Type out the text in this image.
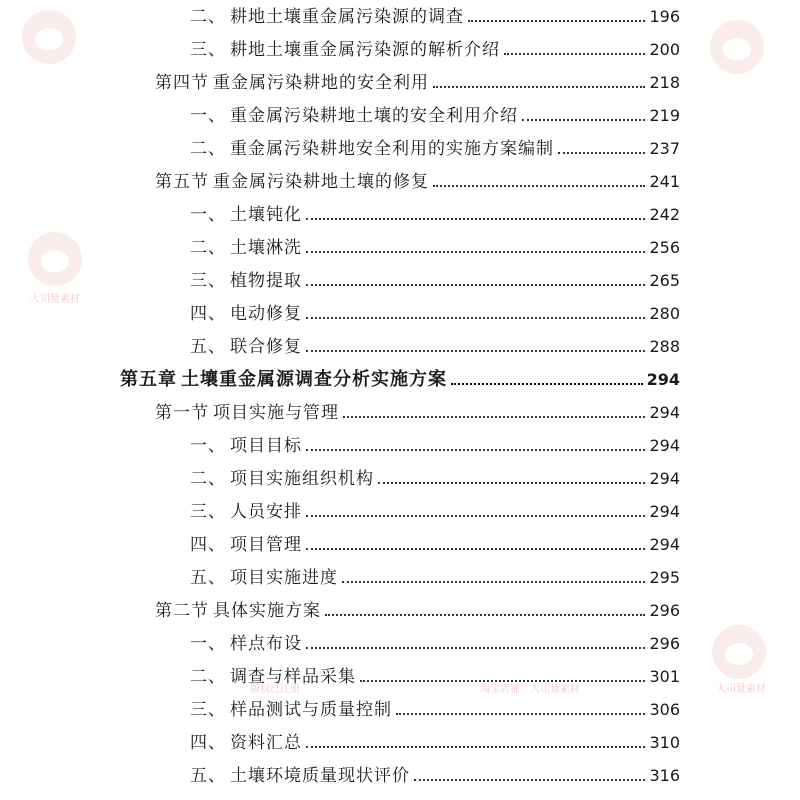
二、 耕地土壤重金属污染源的调查	196
三、 耕地土壤重金属污染源的解析介绍	200
第四节 重金属污染耕地的安全利用	218
一、 重金属污染耕地土壤的安全利用介绍	219
二、 重金属污染耕地安全利用的实施方案编制	237
第五节 重金属污染耕地土壤的修复	241
一、 土壤钝化	242
二、 土壤淋洗	256
三、 植物提取	265
四、 电动修复	280
五、 联合修复	288
第五章 土壤重金属源调查分析实施方案	294
第一节 项目实施与管理	294
一、 项目目标	294
二、 项目实施组织机构	294
三、 人员安排	294
四、 项目管理	294
五、 项目实施进度	295
第二节 具体实施方案	296
一、 样点布设	296
二、 调查与样品采集	301
三、 样品测试与质量控制	306
四、 资料汇总	310
五、 土壤环境质量现状评价	316
大司量素材
大司量素材
版权已注册	淘宝店铺：大司量素材
